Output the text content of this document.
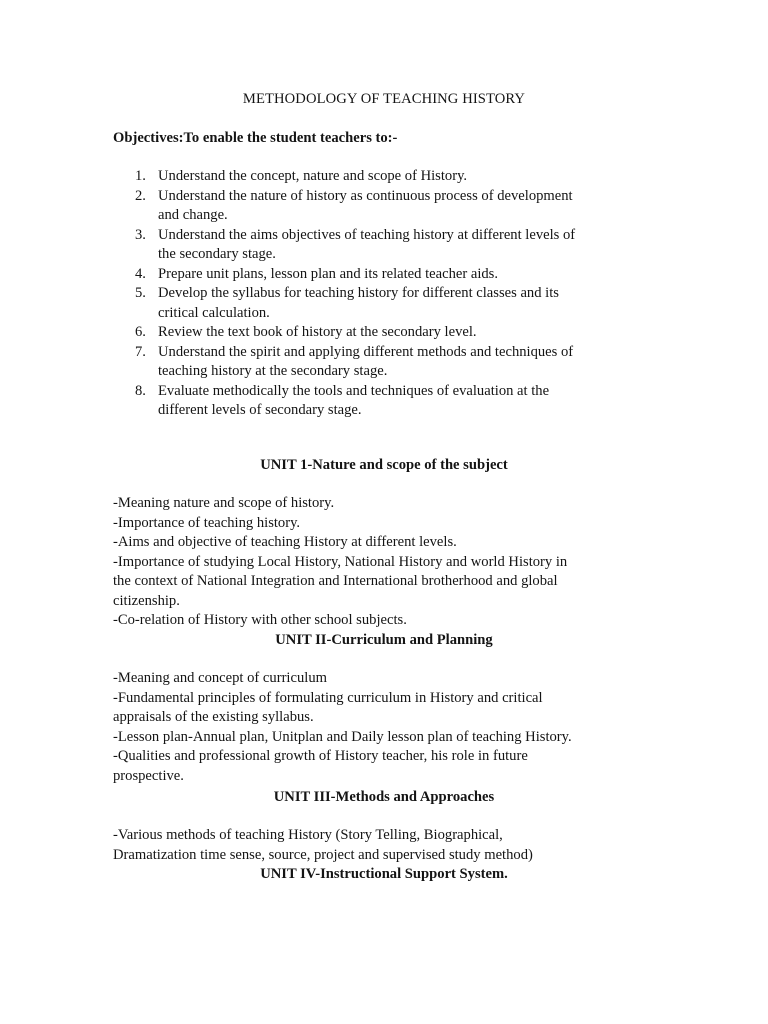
METHODOLOGY OF TEACHING HISTORY
Objectives:To enable the student teachers to:-
1. Understand the concept, nature and scope of History.
2. Understand the nature of history as continuous process of development
and change.
3. Understand the aims objectives of teaching history at different levels of
the secondary stage.
4. Prepare unit plans, lesson plan and its related teacher aids.
5. Develop the syllabus for teaching history for different classes and its
critical calculation.
6. Review the text book of history at the secondary level.
7. Understand the spirit and applying different methods and techniques of
teaching history at the secondary stage.
8. Evaluate methodically the tools and techniques of evaluation at the
different levels of secondary stage.
UNIT 1-Nature and scope of the subject
-Meaning nature and scope of history.
-Importance of teaching history.
-Aims and objective of teaching History at different levels.
-Importance of studying Local History, National History and world History in
the context of National Integration and International brotherhood and global
citizenship.
-Co-relation of History with other school subjects.
UNIT II-Curriculum and Planning
-Meaning and concept of curriculum
-Fundamental principles of formulating curriculum in History and critical
appraisals of the existing syllabus.
-Lesson plan-Annual plan, Unitplan and Daily lesson plan of teaching History.
-Qualities and professional growth of History teacher, his role in future
prospective.
UNIT III-Methods and Approaches
-Various methods of teaching History (Story Telling, Biographical,
Dramatization time sense, source, project and supervised study method)
UNIT IV-Instructional Support System.
